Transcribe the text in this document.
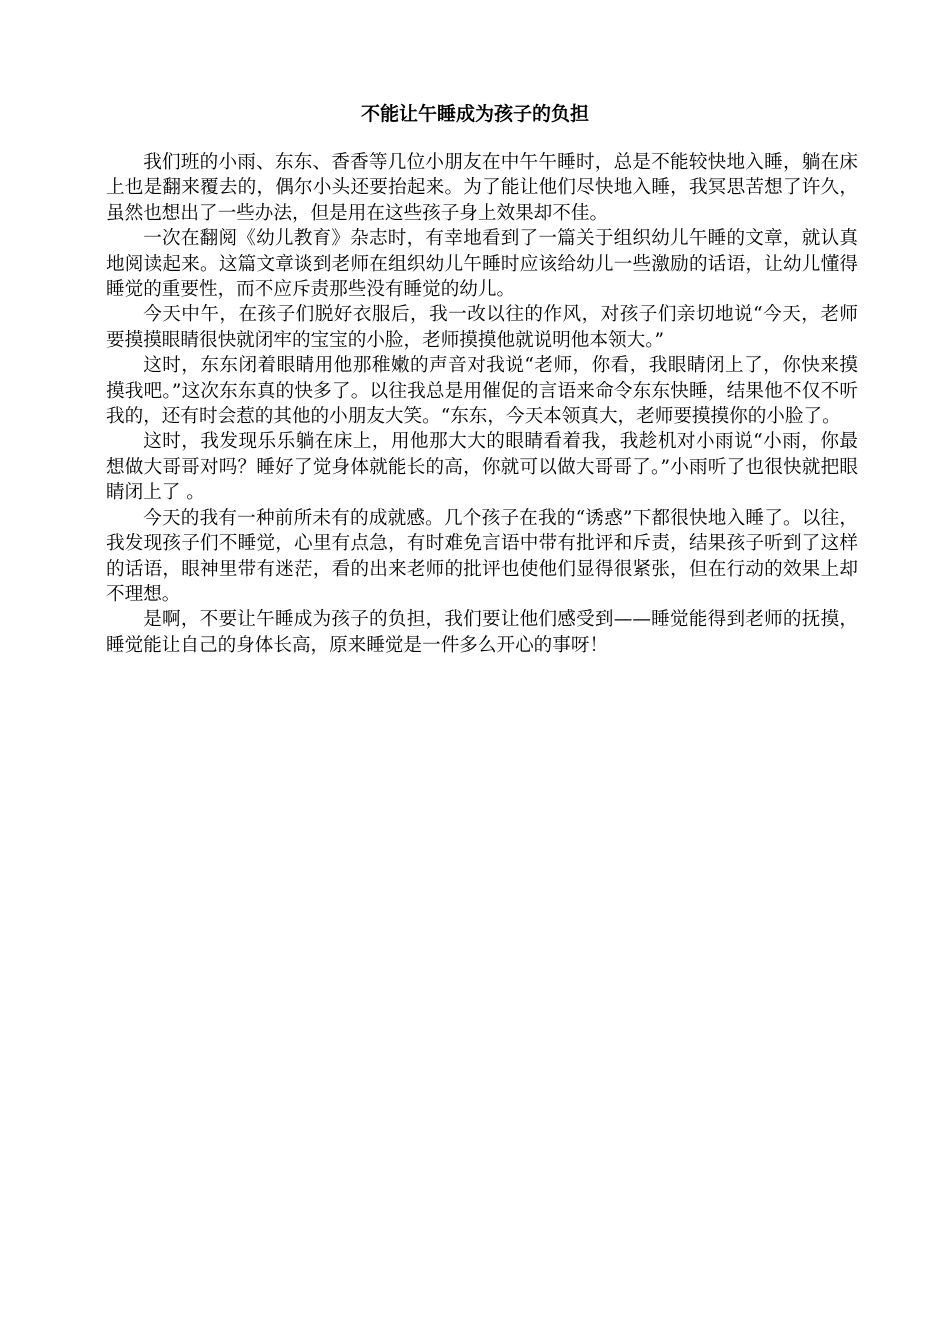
不能让午睡成为孩子的负担

我们班的小雨、东东、香香等几位小朋友在中午午睡时，总是不能较快地入睡，躺在床上也是翻来覆去的，偶尔小头还要抬起来。为了能让他们尽快地入睡，我冥思苦想了许久，虽然也想出了一些办法，但是用在这些孩子身上效果却不佳。

一次在翻阅《幼儿教育》杂志时，有幸地看到了一篇关于组织幼儿午睡的文章，就认真地阅读起来。这篇文章谈到老师在组织幼儿午睡时应该给幼儿一些激励的话语，让幼儿懂得睡觉的重要性，而不应斥责那些没有睡觉的幼儿。

今天中午，在孩子们脱好衣服后，我一改以往的作风，对孩子们亲切地说“今天，老师要摸摸眼睛很快就闭牢的宝宝的小脸，老师摸摸他就说明他本领大。”

这时，东东闭着眼睛用他那稚嫩的声音对我说“老师，你看，我眼睛闭上了，你快来摸摸我吧。”这次东东真的快多了。以往我总是用催促的言语来命令东东快睡，结果他不仅不听我的，还有时会惹的其他的小朋友大笑。“东东，今天本领真大，老师要摸摸你的小脸了。

这时，我发现乐乐躺在床上，用他那大大的眼睛看着我，我趁机对小雨说“小雨，你最想做大哥哥对吗？睡好了觉身体就能长的高，你就可以做大哥哥了。”小雨听了也很快就把眼睛闭上了 。

今天的我有一种前所未有的成就感。几个孩子在我的“诱惑”下都很快地入睡了。以往，我发现孩子们不睡觉，心里有点急，有时难免言语中带有批评和斥责，结果孩子听到了这样的话语，眼神里带有迷茫，看的出来老师的批评也使他们显得很紧张，但在行动的效果上却不理想。

是啊，不要让午睡成为孩子的负担，我们要让他们感受到——睡觉能得到老师的抚摸，睡觉能让自己的身体长高，原来睡觉是一件多么开心的事呀！
